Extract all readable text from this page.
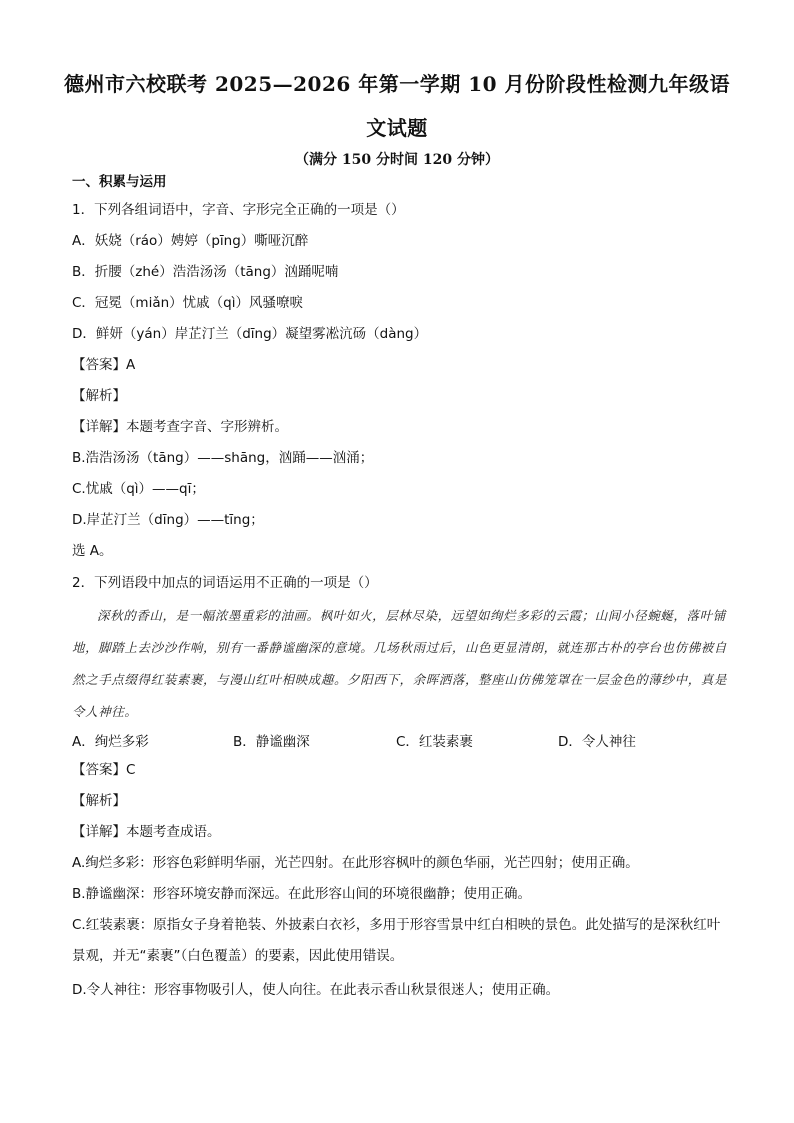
德州市六校联考 2025—2026 年第一学期 10 月份阶段性检测九年级语
文试题
（满分 150 分时间 120 分钟）
一、积累与运用
1．下列各组词语中，字音、字形完全正确的一项是（）
A．妖娆（ráo）娉婷（pīng）嘶哑沉醉
B．折腰（zhé）浩浩汤汤（tāng）汹踊呢喃
C．冠冕（miǎn）忧戚（qì）风骚嘹唳
D．鲜妍（yán）岸芷汀兰（dīng）凝望雾凇沆砀（dàng）
【答案】A
【解析】
【详解】本题考查字音、字形辨析。
B.浩浩汤汤（tāng）——shāng，汹踊——汹涌；
C.忧戚（qì）——qī；
D.岸芷汀兰（dīng）——tīng；
选 A。
2．下列语段中加点的词语运用不正确的一项是（）
深秋的香山，是一幅浓墨重彩的油画。枫叶如火，层林尽染，远望如绚烂多彩的云霞；山间小径蜿蜒，落叶铺地，脚踏上去沙沙作响，别有一番静谧幽深的意境。几场秋雨过后，山色更显清朗，就连那古朴的亭台也仿佛被自然之手点缀得红装素裹，与漫山红叶相映成趣。夕阳西下，余晖洒落，整座山仿佛笼罩在一层金色的薄纱中，真是令人神往。
A．绚烂多彩	B．静谧幽深	C．红装素裹	D．令人神往
【答案】C
【解析】
【详解】本题考查成语。
A.绚烂多彩：形容色彩鲜明华丽，光芒四射。在此形容枫叶的颜色华丽，光芒四射；使用正确。
B.静谧幽深：形容环境安静而深远。在此形容山间的环境很幽静；使用正确。
C.红装素裹：原指女子身着艳装、外披素白衣衫，多用于形容雪景中红白相映的景色。此处描写的是深秋红叶景观，并无“素裹”（白色覆盖）的要素，因此使用错误。
D.令人神往：形容事物吸引人，使人向往。在此表示香山秋景很迷人；使用正确。
